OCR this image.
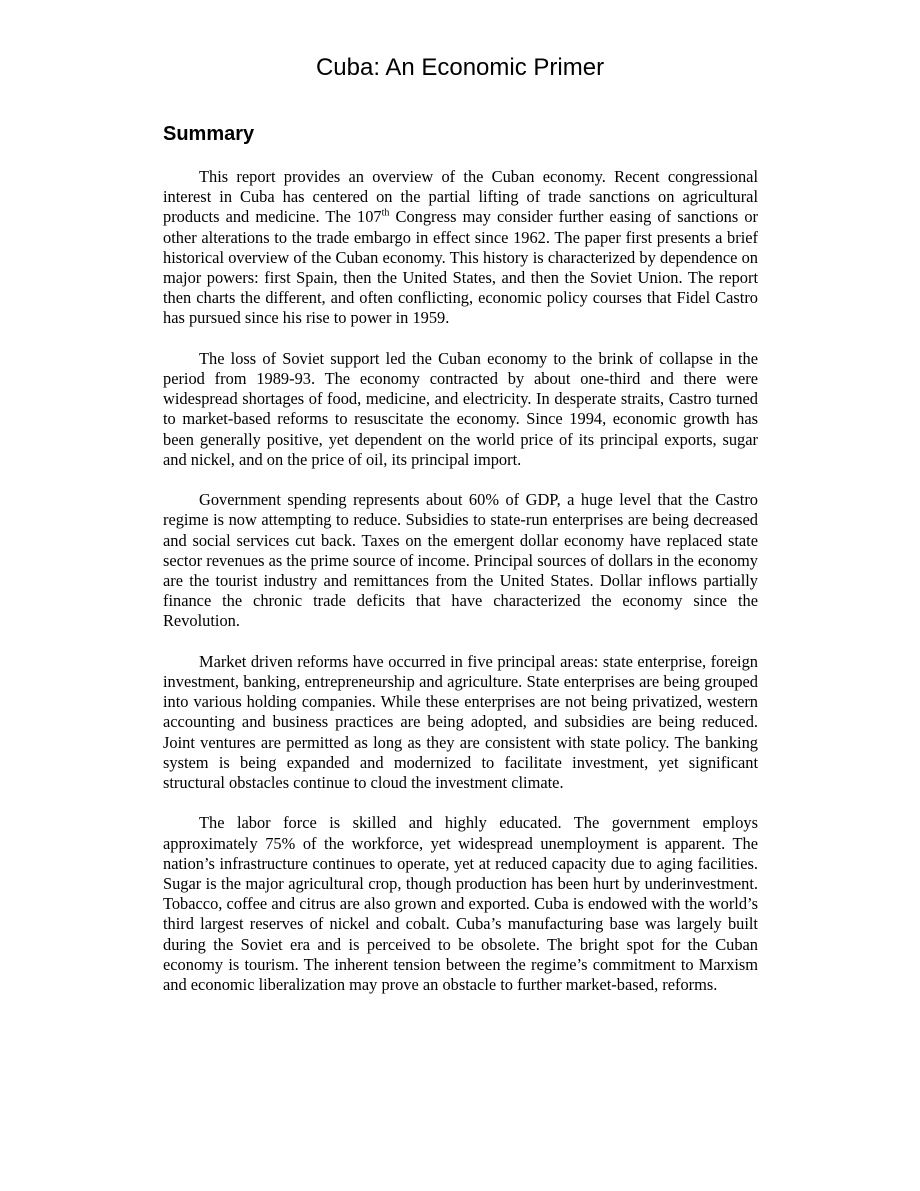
Cuba: An Economic Primer
Summary

This report provides an overview of the Cuban economy. Recent congressional interest in Cuba has centered on the partial lifting of trade sanctions on agricultural products and medicine. The 107th Congress may consider further easing of sanctions or other alterations to the trade embargo in effect since 1962. The paper first presents a brief historical overview of the Cuban economy. This history is characterized by dependence on major powers: first Spain, then the United States, and then the Soviet Union. The report then charts the different, and often conflicting, economic policy courses that Fidel Castro has pursued since his rise to power in 1959.

The loss of Soviet support led the Cuban economy to the brink of collapse in the period from 1989-93. The economy contracted by about one-third and there were widespread shortages of food, medicine, and electricity. In desperate straits, Castro turned to market-based reforms to resuscitate the economy. Since 1994, economic growth has been generally positive, yet dependent on the world price of its principal exports, sugar and nickel, and on the price of oil, its principal import.

Government spending represents about 60% of GDP, a huge level that the Castro regime is now attempting to reduce. Subsidies to state-run enterprises are being decreased and social services cut back. Taxes on the emergent dollar economy have replaced state sector revenues as the prime source of income. Principal sources of dollars in the economy are the tourist industry and remittances from the United States. Dollar inflows partially finance the chronic trade deficits that have characterized the economy since the Revolution.

Market driven reforms have occurred in five principal areas: state enterprise, foreign investment, banking, entrepreneurship and agriculture. State enterprises are being grouped into various holding companies. While these enterprises are not being privatized, western accounting and business practices are being adopted, and subsidies are being reduced. Joint ventures are permitted as long as they are consistent with state policy. The banking system is being expanded and modernized to facilitate investment, yet significant structural obstacles continue to cloud the investment climate.

The labor force is skilled and highly educated. The government employs approximately 75% of the workforce, yet widespread unemployment is apparent. The nation’s infrastructure continues to operate, yet at reduced capacity due to aging facilities. Sugar is the major agricultural crop, though production has been hurt by underinvestment. Tobacco, coffee and citrus are also grown and exported. Cuba is endowed with the world’s third largest reserves of nickel and cobalt. Cuba’s manufacturing base was largely built during the Soviet era and is perceived to be obsolete. The bright spot for the Cuban economy is tourism. The inherent tension between the regime’s commitment to Marxism and economic liberalization may prove an obstacle to further market-based, reforms.
